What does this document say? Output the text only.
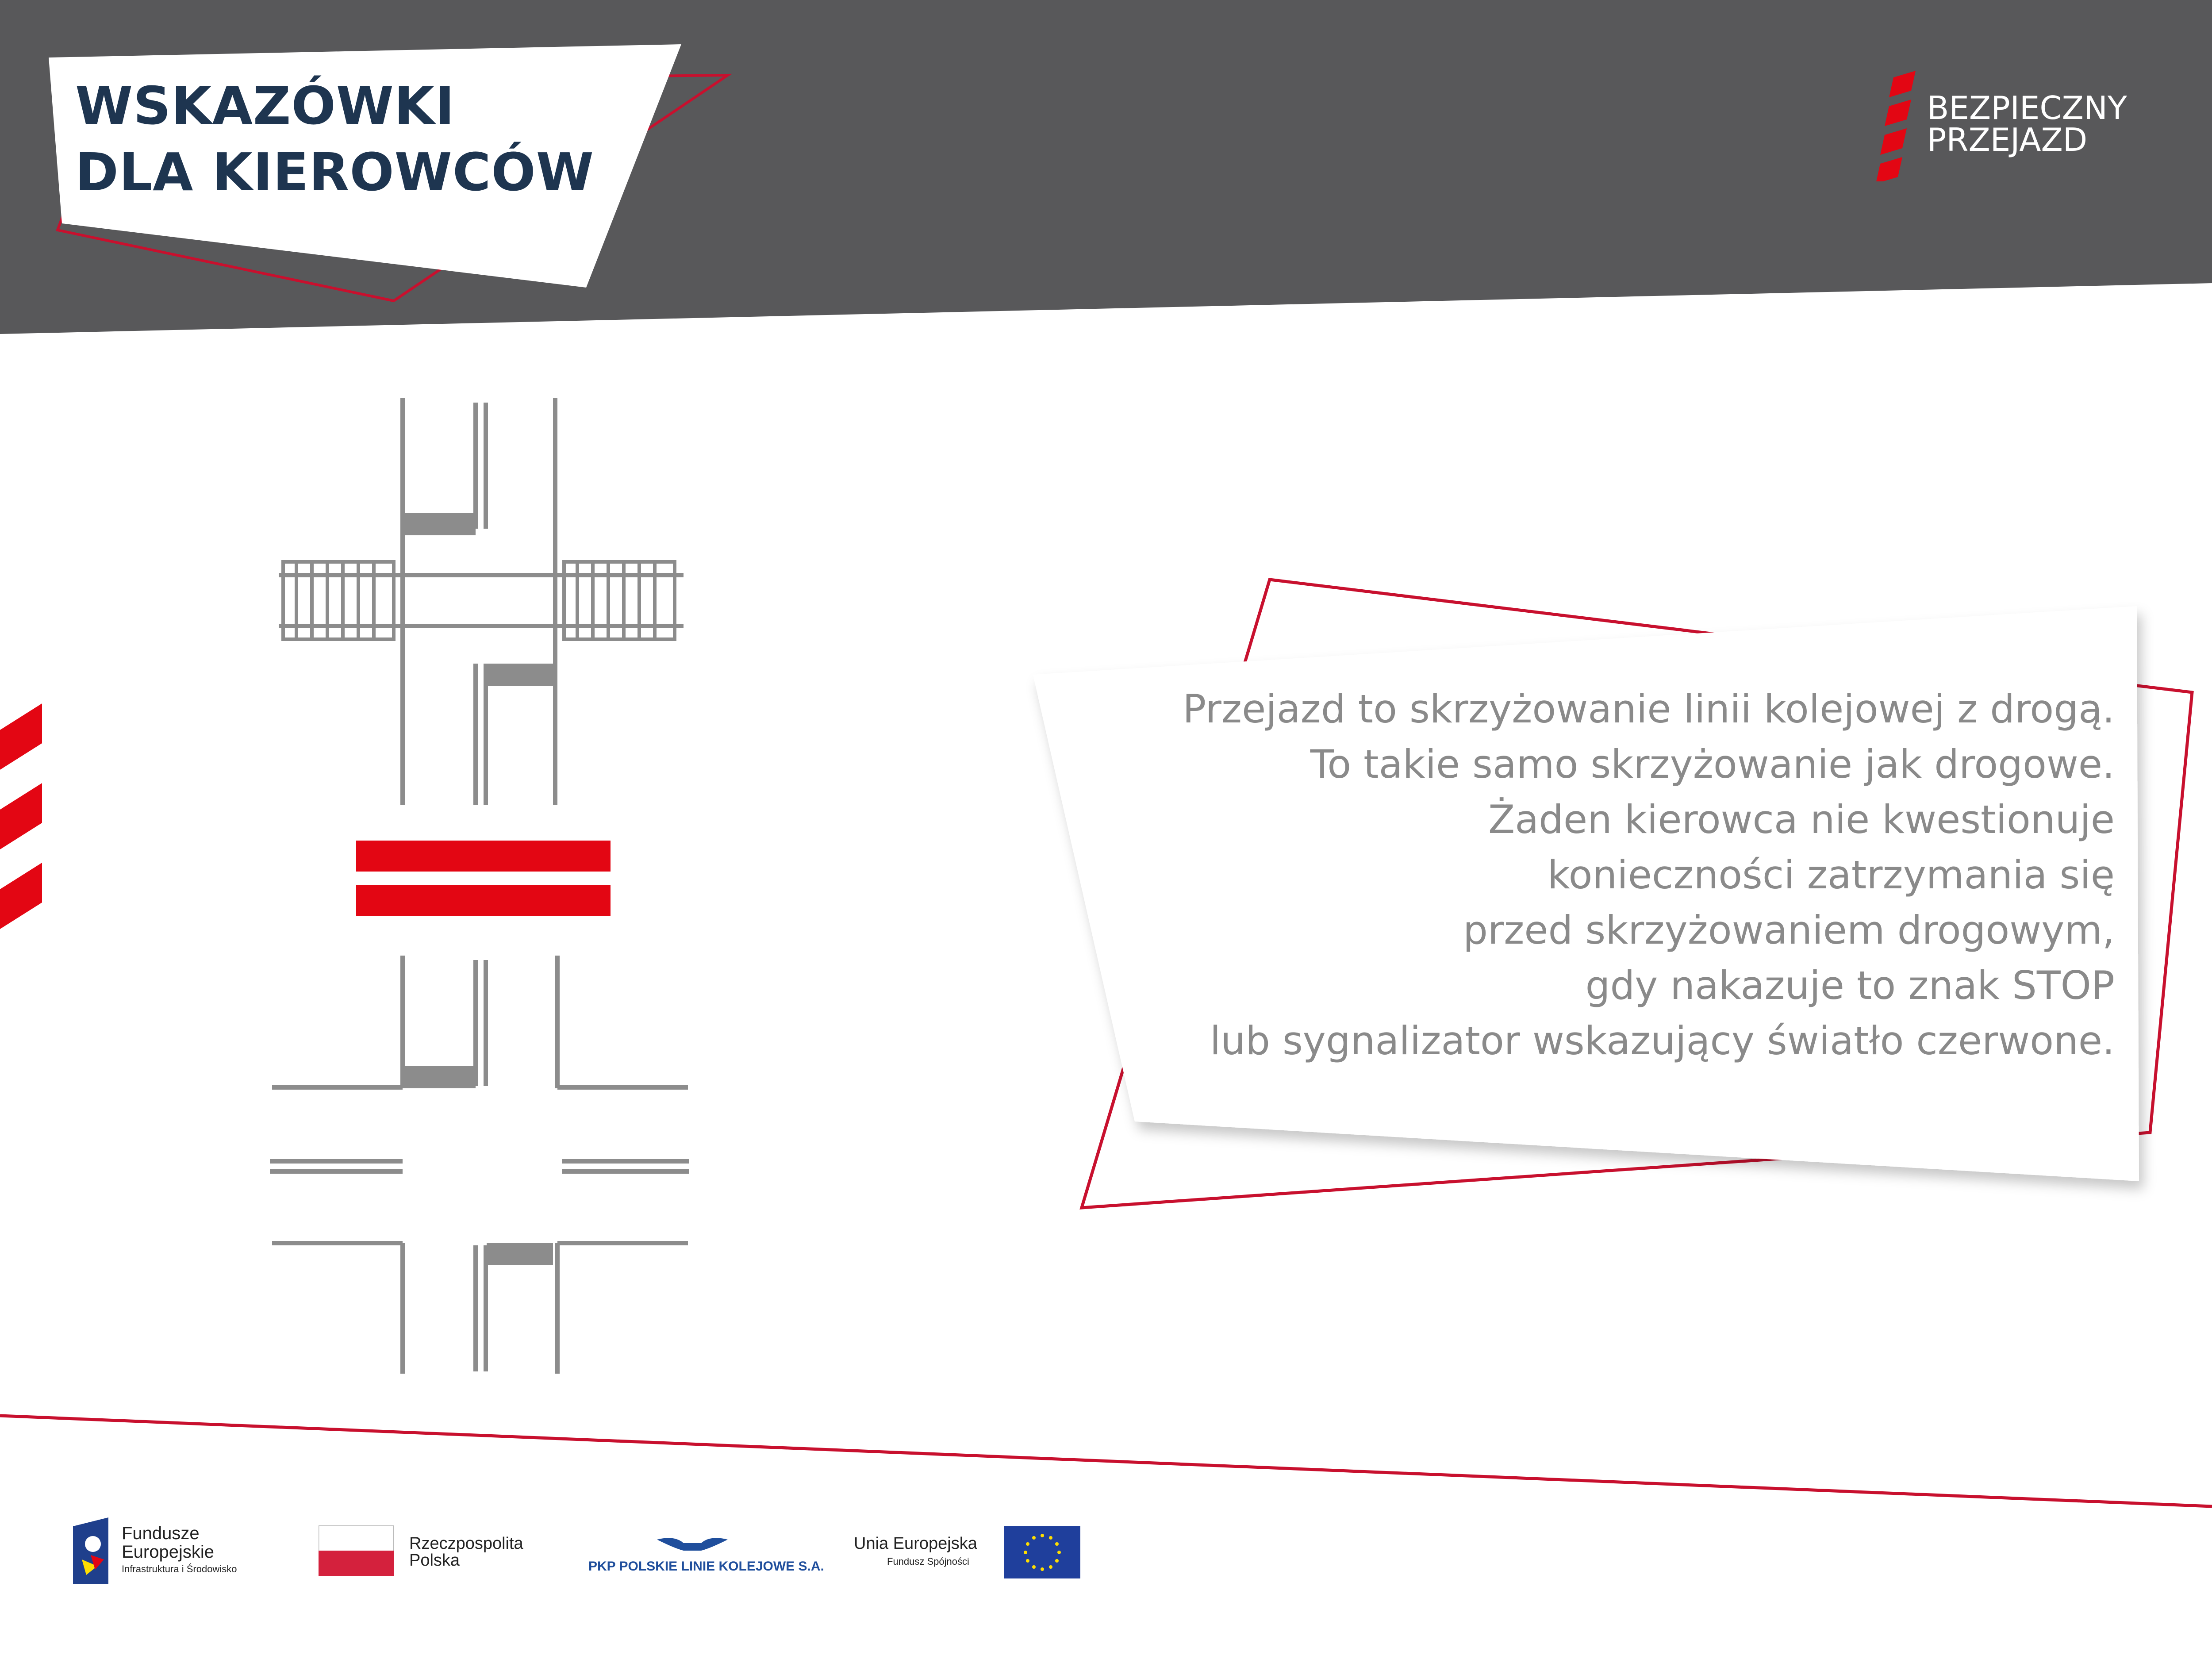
WSKAZÓWKI
DLA KIEROWCÓW
BEZPIECZNY
PRZEJAZD
Przejazd to skrzyżowanie linii kolejowej z drogą.
To takie samo skrzyżowanie jak drogowe.
Żaden kierowca nie kwestionuje
konieczności zatrzymania się
przed skrzyżowaniem drogowym,
gdy nakazuje to znak STOP
lub sygnalizator wskazujący światło czerwone.
Fundusze
Europejskie
Infrastruktura i Środowisko
Rzeczpospolita
Polska
PLK
PKP POLSKIE LINIE KOLEJOWE S.A.
Unia Europejska
Fundusz Spójności
